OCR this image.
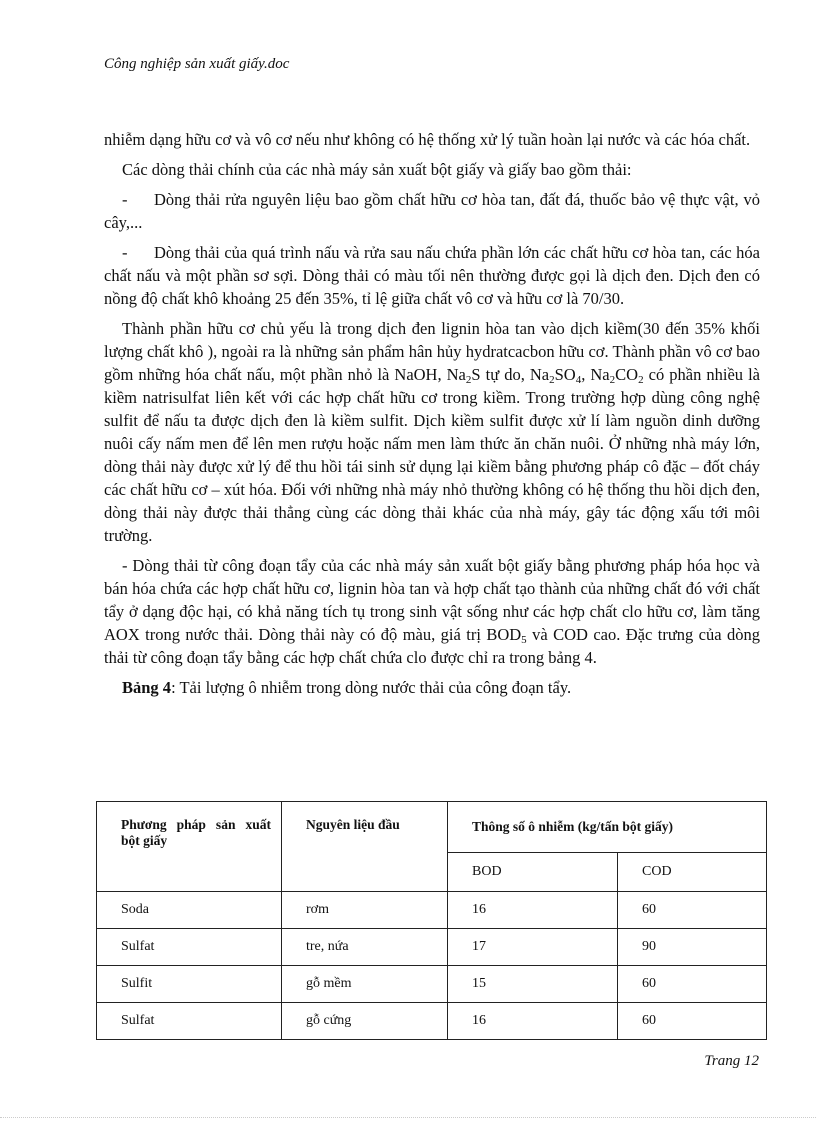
Công nghiệp sản xuất giấy.doc

nhiễm dạng hữu cơ và vô cơ nếu như không có hệ thống xử lý tuần hoàn lại nước và các hóa chất.

Các dòng thải chính của các nhà máy sản xuất bột giấy và giấy bao gồm thải:

- Dòng thải rửa nguyên liệu bao gồm chất hữu cơ hòa tan, đất đá, thuốc bảo vệ thực vật, vỏ cây,...

- Dòng thải của quá trình nấu và rửa sau nấu chứa phần lớn các chất hữu cơ hòa tan, các hóa chất nấu và một phần sơ sợi. Dòng thải có màu tối nên thường được gọi là dịch đen. Dịch đen có nồng độ chất khô khoảng 25 đến 35%, tỉ lệ giữa chất vô cơ và hữu cơ là 70/30.

Thành phần hữu cơ chủ yếu là trong dịch đen lignin hòa tan vào dịch kiềm(30 đến 35% khối lượng chất khô ), ngoài ra là những sản phẩm hân hủy hydratcacbon hữu cơ. Thành phần vô cơ bao gồm những hóa chất nấu, một phần nhỏ là NaOH, $Na_2S$ tự do, $Na_2SO_4$, $Na_2CO_2$ có phần nhiều là kiềm natrisulfat liên kết với các hợp chất hữu cơ trong kiềm. Trong trường hợp dùng công nghệ sulfit để nấu ta được dịch đen là kiềm sulfit. Dịch kiềm sulfit được xử lí làm nguồn dinh dưỡng nuôi cấy nấm men để lên men rượu hoặc nấm men làm thức ăn chăn nuôi. Ở những nhà máy lớn, dòng thải này được xử lý để thu hồi tái sinh sử dụng lại kiềm bằng phương pháp cô đặc – đốt cháy các chất hữu cơ – xút hóa. Đối với những nhà máy nhỏ thường không có hệ thống thu hồi dịch đen, dòng thải này được thải thẳng cùng các dòng thải khác của nhà máy, gây tác động xấu tới môi trường.

- Dòng thải từ công đoạn tẩy của các nhà máy sản xuất bột giấy bằng phương pháp hóa học và bán hóa chứa các hợp chất hữu cơ, lignin hòa tan và hợp chất tạo thành của những chất đó với chất tẩy ở dạng độc hại, có khả năng tích tụ trong sinh vật sống như các hợp chất clo hữu cơ, làm tăng AOX trong nước thải. Dòng thải này có độ màu, giá trị $BOD_5$ và COD cao. Đặc trưng của dòng thải từ công đoạn tẩy bằng các hợp chất chứa clo được chỉ ra trong bảng 4.

Bảng 4: Tải lượng ô nhiễm trong dòng nước thải của công đoạn tẩy.

Phương pháp sản xuất bột giấy	Nguyên liệu đầu	Thông số ô nhiễm (kg/tấn bột giấy)	
		BOD	COD
Soda	rơm	16	60
Sulfat	tre, nứa	17	90
Sulfit	gỗ mềm	15	60
Sulfat	gỗ cứng	16	60
Trang 12
